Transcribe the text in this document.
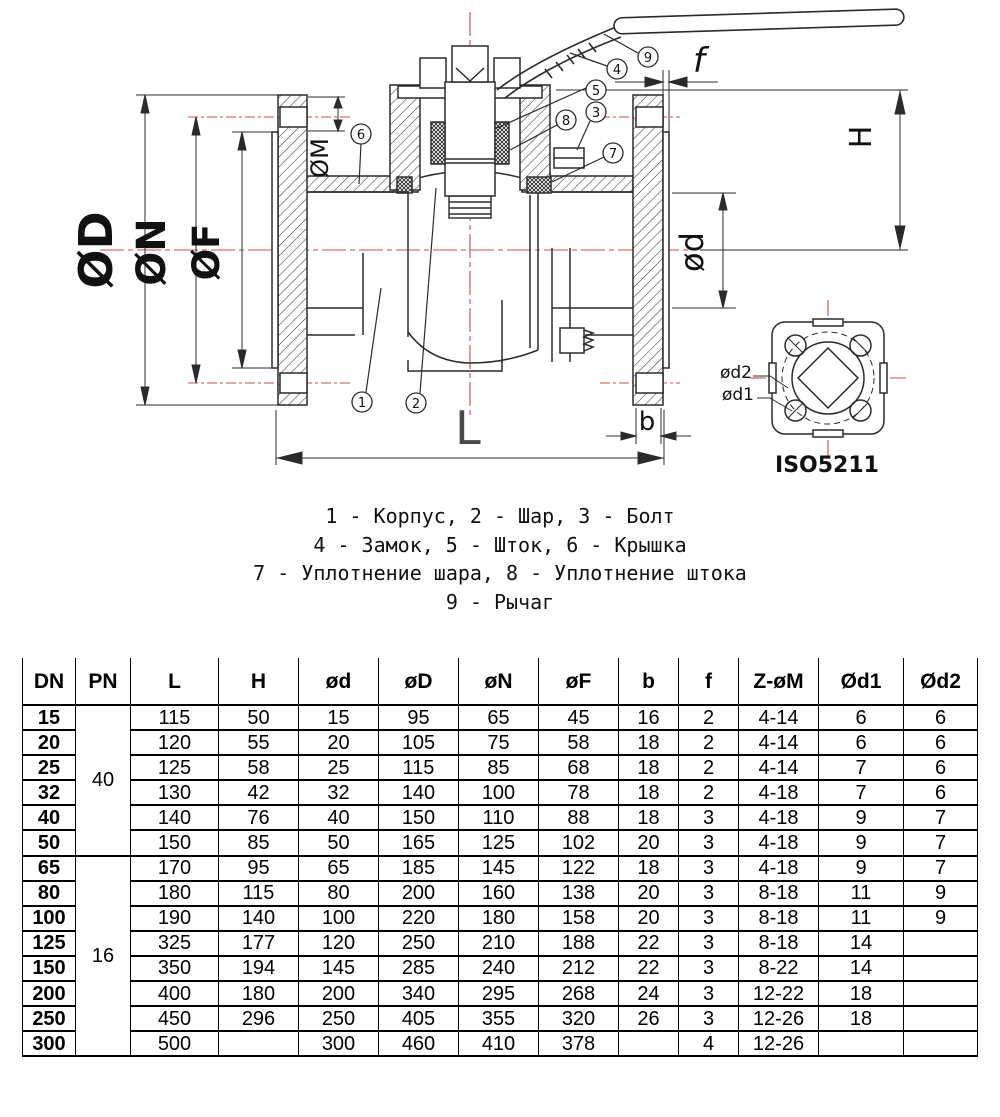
ØD ØN ØF
ØM
f
H
ød
b
L
1	2
3
4
5
6
7
8
9
ød2
ød1
ISO5211
1 - Корпус, 2 - Шар, 3 - Болт
4 - Замок, 5 - Шток, 6 - Крышка
7 - Уплотнение шара, 8 - Уплотнение штока
9 - Рычаг
DN	PN	L	H	ød	øD	øN	øF	b	f	Z-øM	Ød1	Ød2
15	40	115	50	15	95	65	45	16	2	4-14	6	6
20		120	55	20	105	75	58	18	2	4-14	6	6
25		125	58	25	115	85	68	18	2	4-14	7	6
32		130	42	32	140	100	78	18	2	4-18	7	6
40		140	76	40	150	110	88	18	3	4-18	9	7
50		150	85	50	165	125	102	20	3	4-18	9	7
65	16	170	95	65	185	145	122	18	3	4-18	9	7
80		180	115	80	200	160	138	20	3	8-18	11	9
100		190	140	100	220	180	158	20	3	8-18	11	9
125		325	177	120	250	210	188	22	3	8-18	14	
150		350	194	145	285	240	212	22	3	8-22	14	
200		400	180	200	340	295	268	24	3	12-22	18	
250		450	296	250	405	355	320	26	3	12-26	18	
300		500		300	460	410	378		4	12-26		
